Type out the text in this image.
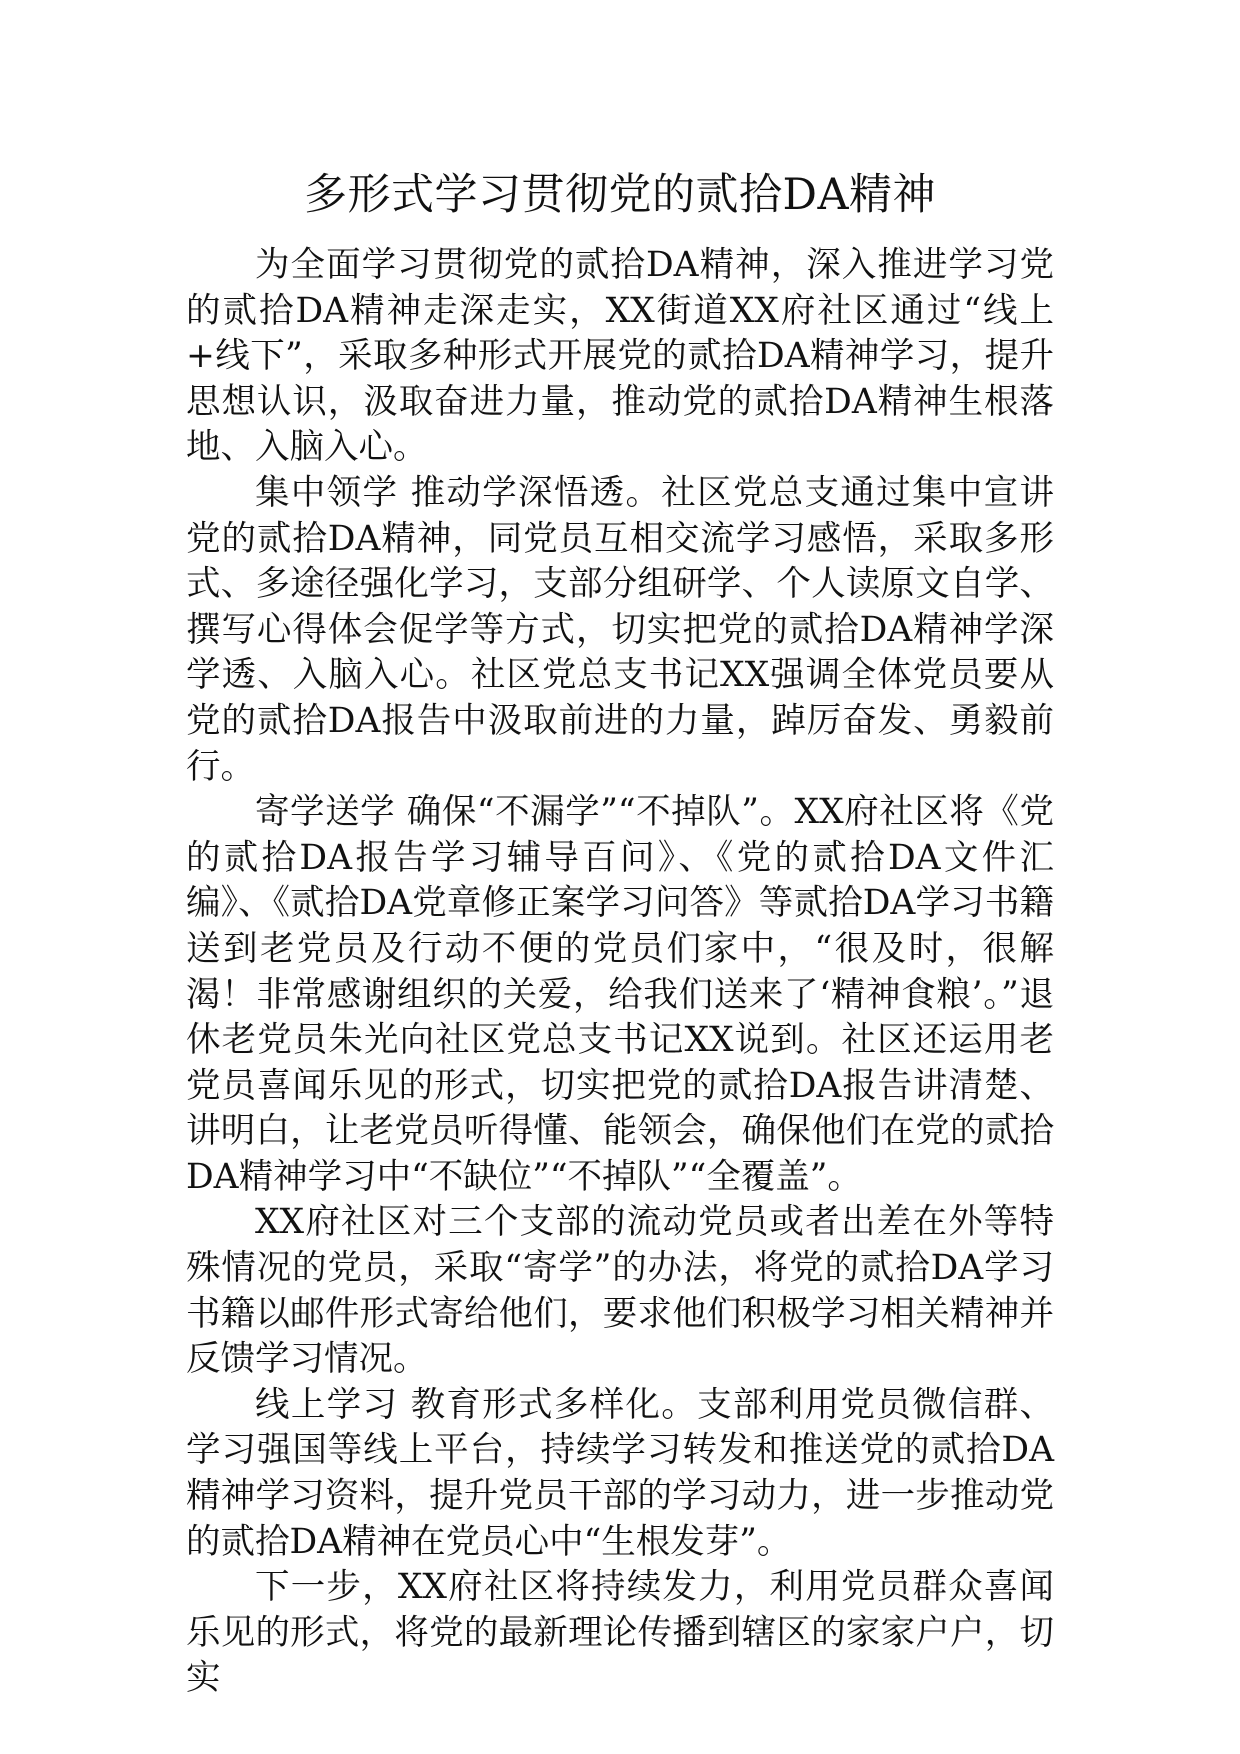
多形式学习贯彻党的贰拾DA精神

为全面学习贯彻党的贰拾DA精神，深入推进学习党的贰拾DA精神走深走实，XX街道XX府社区通过“线上+线下”，采取多种形式开展党的贰拾DA精神学习，提升思想认识，汲取奋进力量，推动党的贰拾DA精神生根落地、入脑入心。

集中领学 推动学深悟透。社区党总支通过集中宣讲党的贰拾DA精神，同党员互相交流学习感悟，采取多形式、多途径强化学习，支部分组研学、个人读原文自学、撰写心得体会促学等方式，切实把党的贰拾DA精神学深学透、入脑入心。社区党总支书记XX强调全体党员要从党的贰拾DA报告中汲取前进的力量，踔厉奋发、勇毅前行。

寄学送学 确保“不漏学”“不掉队”。XX府社区将《党的贰拾DA报告学习辅导百问》、《党的贰拾DA文件汇编》、《贰拾DA党章修正案学习问答》等贰拾DA学习书籍送到老党员及行动不便的党员们家中，“很及时，很解渴！非常感谢组织的关爱，给我们送来了‘精神食粮’。”退休老党员朱光向社区党总支书记XX说到。社区还运用老党员喜闻乐见的形式，切实把党的贰拾DA报告讲清楚、讲明白，让老党员听得懂、能领会，确保他们在党的贰拾DA精神学习中“不缺位”“不掉队”“全覆盖”。

XX府社区对三个支部的流动党员或者出差在外等特殊情况的党员，采取“寄学”的办法，将党的贰拾DA学习书籍以邮件形式寄给他们，要求他们积极学习相关精神并反馈学习情况。

线上学习 教育形式多样化。支部利用党员微信群、学习强国等线上平台，持续学习转发和推送党的贰拾DA精神学习资料，提升党员干部的学习动力，进一步推动党的贰拾DA精神在党员心中“生根发芽”。

下一步，XX府社区将持续发力，利用党员群众喜闻乐见的形式，将党的最新理论传播到辖区的家家户户，切实
